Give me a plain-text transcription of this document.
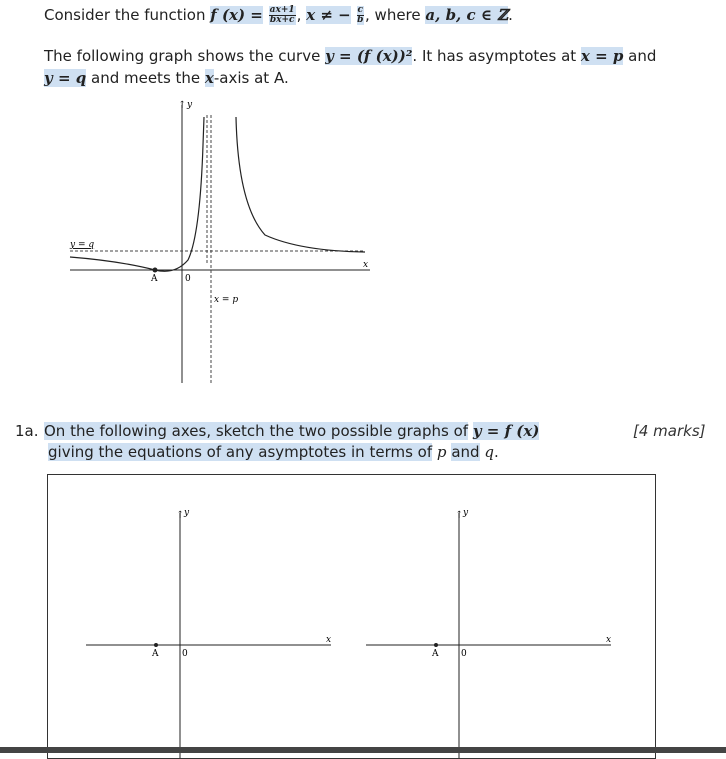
Consider the function f $(x) = \frac{ax+1}{bx+c}$ , x ≠ − $\frac{c}{b}$ , where a, b, c ∈ ℤ.
The following graph shows the curve y = (f (x))². It has asymptotes at x = p and
y = q and meets the x-axis at A.
↑ y
x
y = q
x = p
A	0
1a. On the following axes, sketch the two possible graphs of y = f (x)
giving the equations of any asymptotes in terms of p and q.
[4 marks]
↑ y
x
A	0
↑ y
x
A	0
